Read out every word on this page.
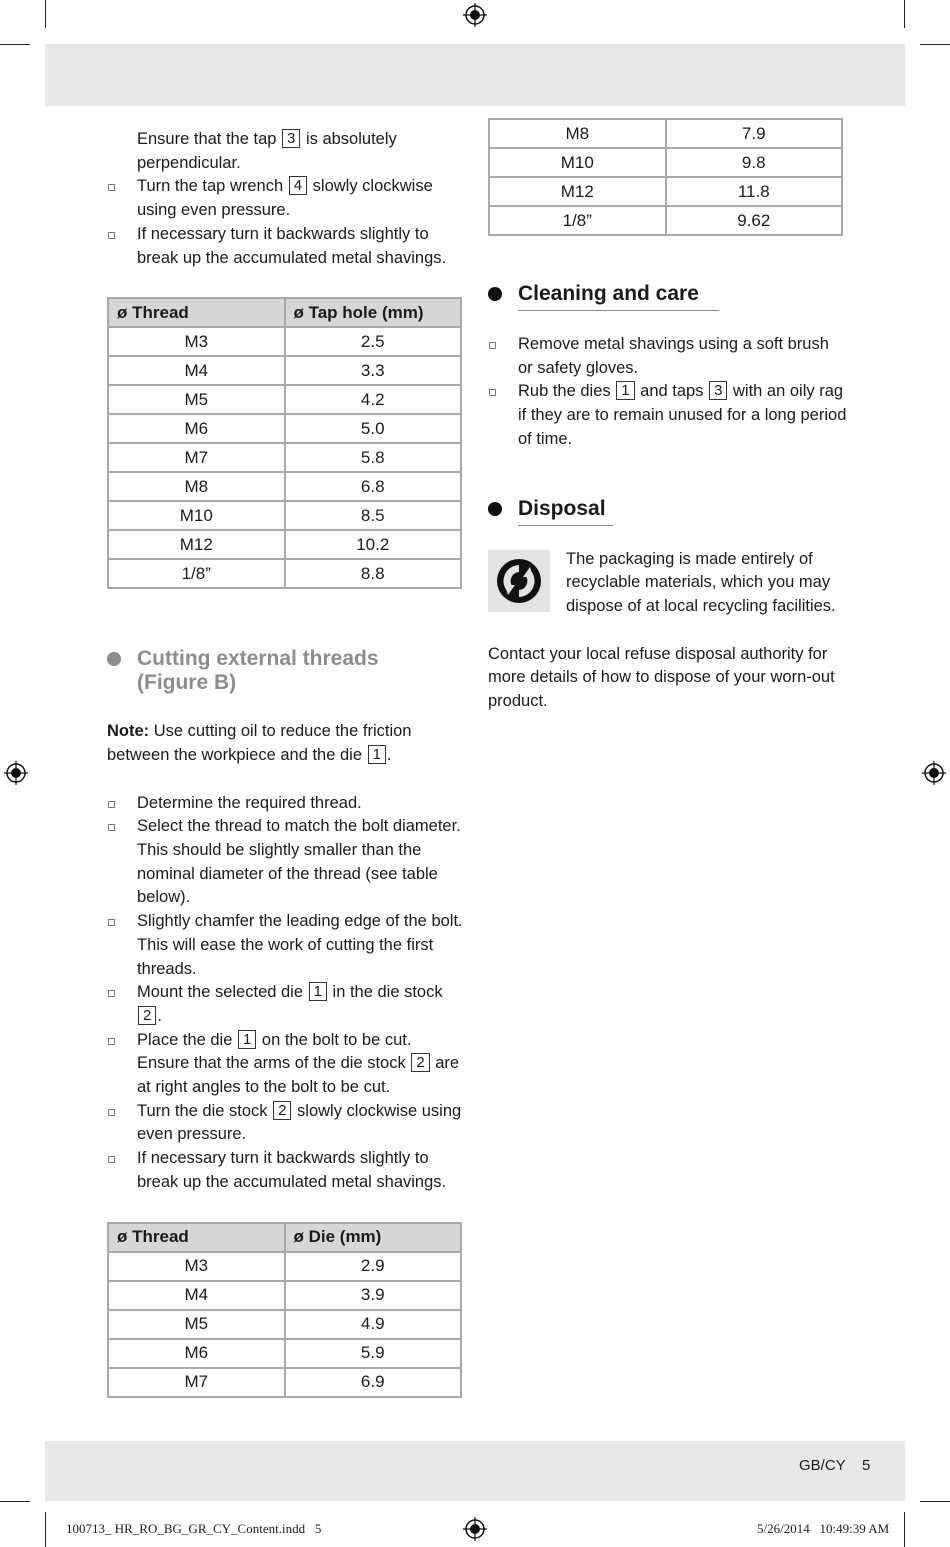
Ensure that the tap 3 is absolutely perpendicular.

Turn the tap wrench 4 slowly clockwise using even pressure.
If necessary turn it backwards slightly to break up the accumulated metal shavings.
ø Thread	ø Tap hole (mm)
M3	2.5
M4	3.3
M5	4.2
M6	5.0
M7	5.8
M8	6.8
M10	8.5
M12	10.2
1/8”	8.8
Cutting external threads
(Figure B)

Note: Use cutting oil to reduce the friction between the workpiece and the die 1 .

Determine the required thread.
Select the thread to match the bolt diameter. This should be slightly smaller than the nominal diameter of the thread (see table below).
Slightly chamfer the leading edge of the bolt. This will ease the work of cutting the first threads.
Mount the selected die 1 in the die stock 2 .
Place the die 1 on the bolt to be cut. Ensure that the arms of the die stock 2 are at right angles to the bolt to be cut.
Turn the die stock 2 slowly clockwise using even pressure.
If necessary turn it backwards slightly to break up the accumulated metal shavings.
ø Thread	ø Die (mm)
M3	2.9
M4	3.9
M5	4.9
M6	5.9
M7	6.9
M8	7.9
M10	9.8
M12	11.8
1/8”	9.62
Cleaning and care
Remove metal shavings using a soft brush or safety gloves.
Rub the dies 1 and taps 3 with an oily rag if they are to remain unused for a long period of time.
Disposal

The packaging is made entirely of recyclable materials, which you may dispose of at local recycling facilities.

Contact your local refuse disposal authority for more details of how to dispose of your worn-out product.

GB/CY 5
100713_ HR_RO_BG_GR_CY_Content.indd   5	5/26/2014   10:49:39 AM
